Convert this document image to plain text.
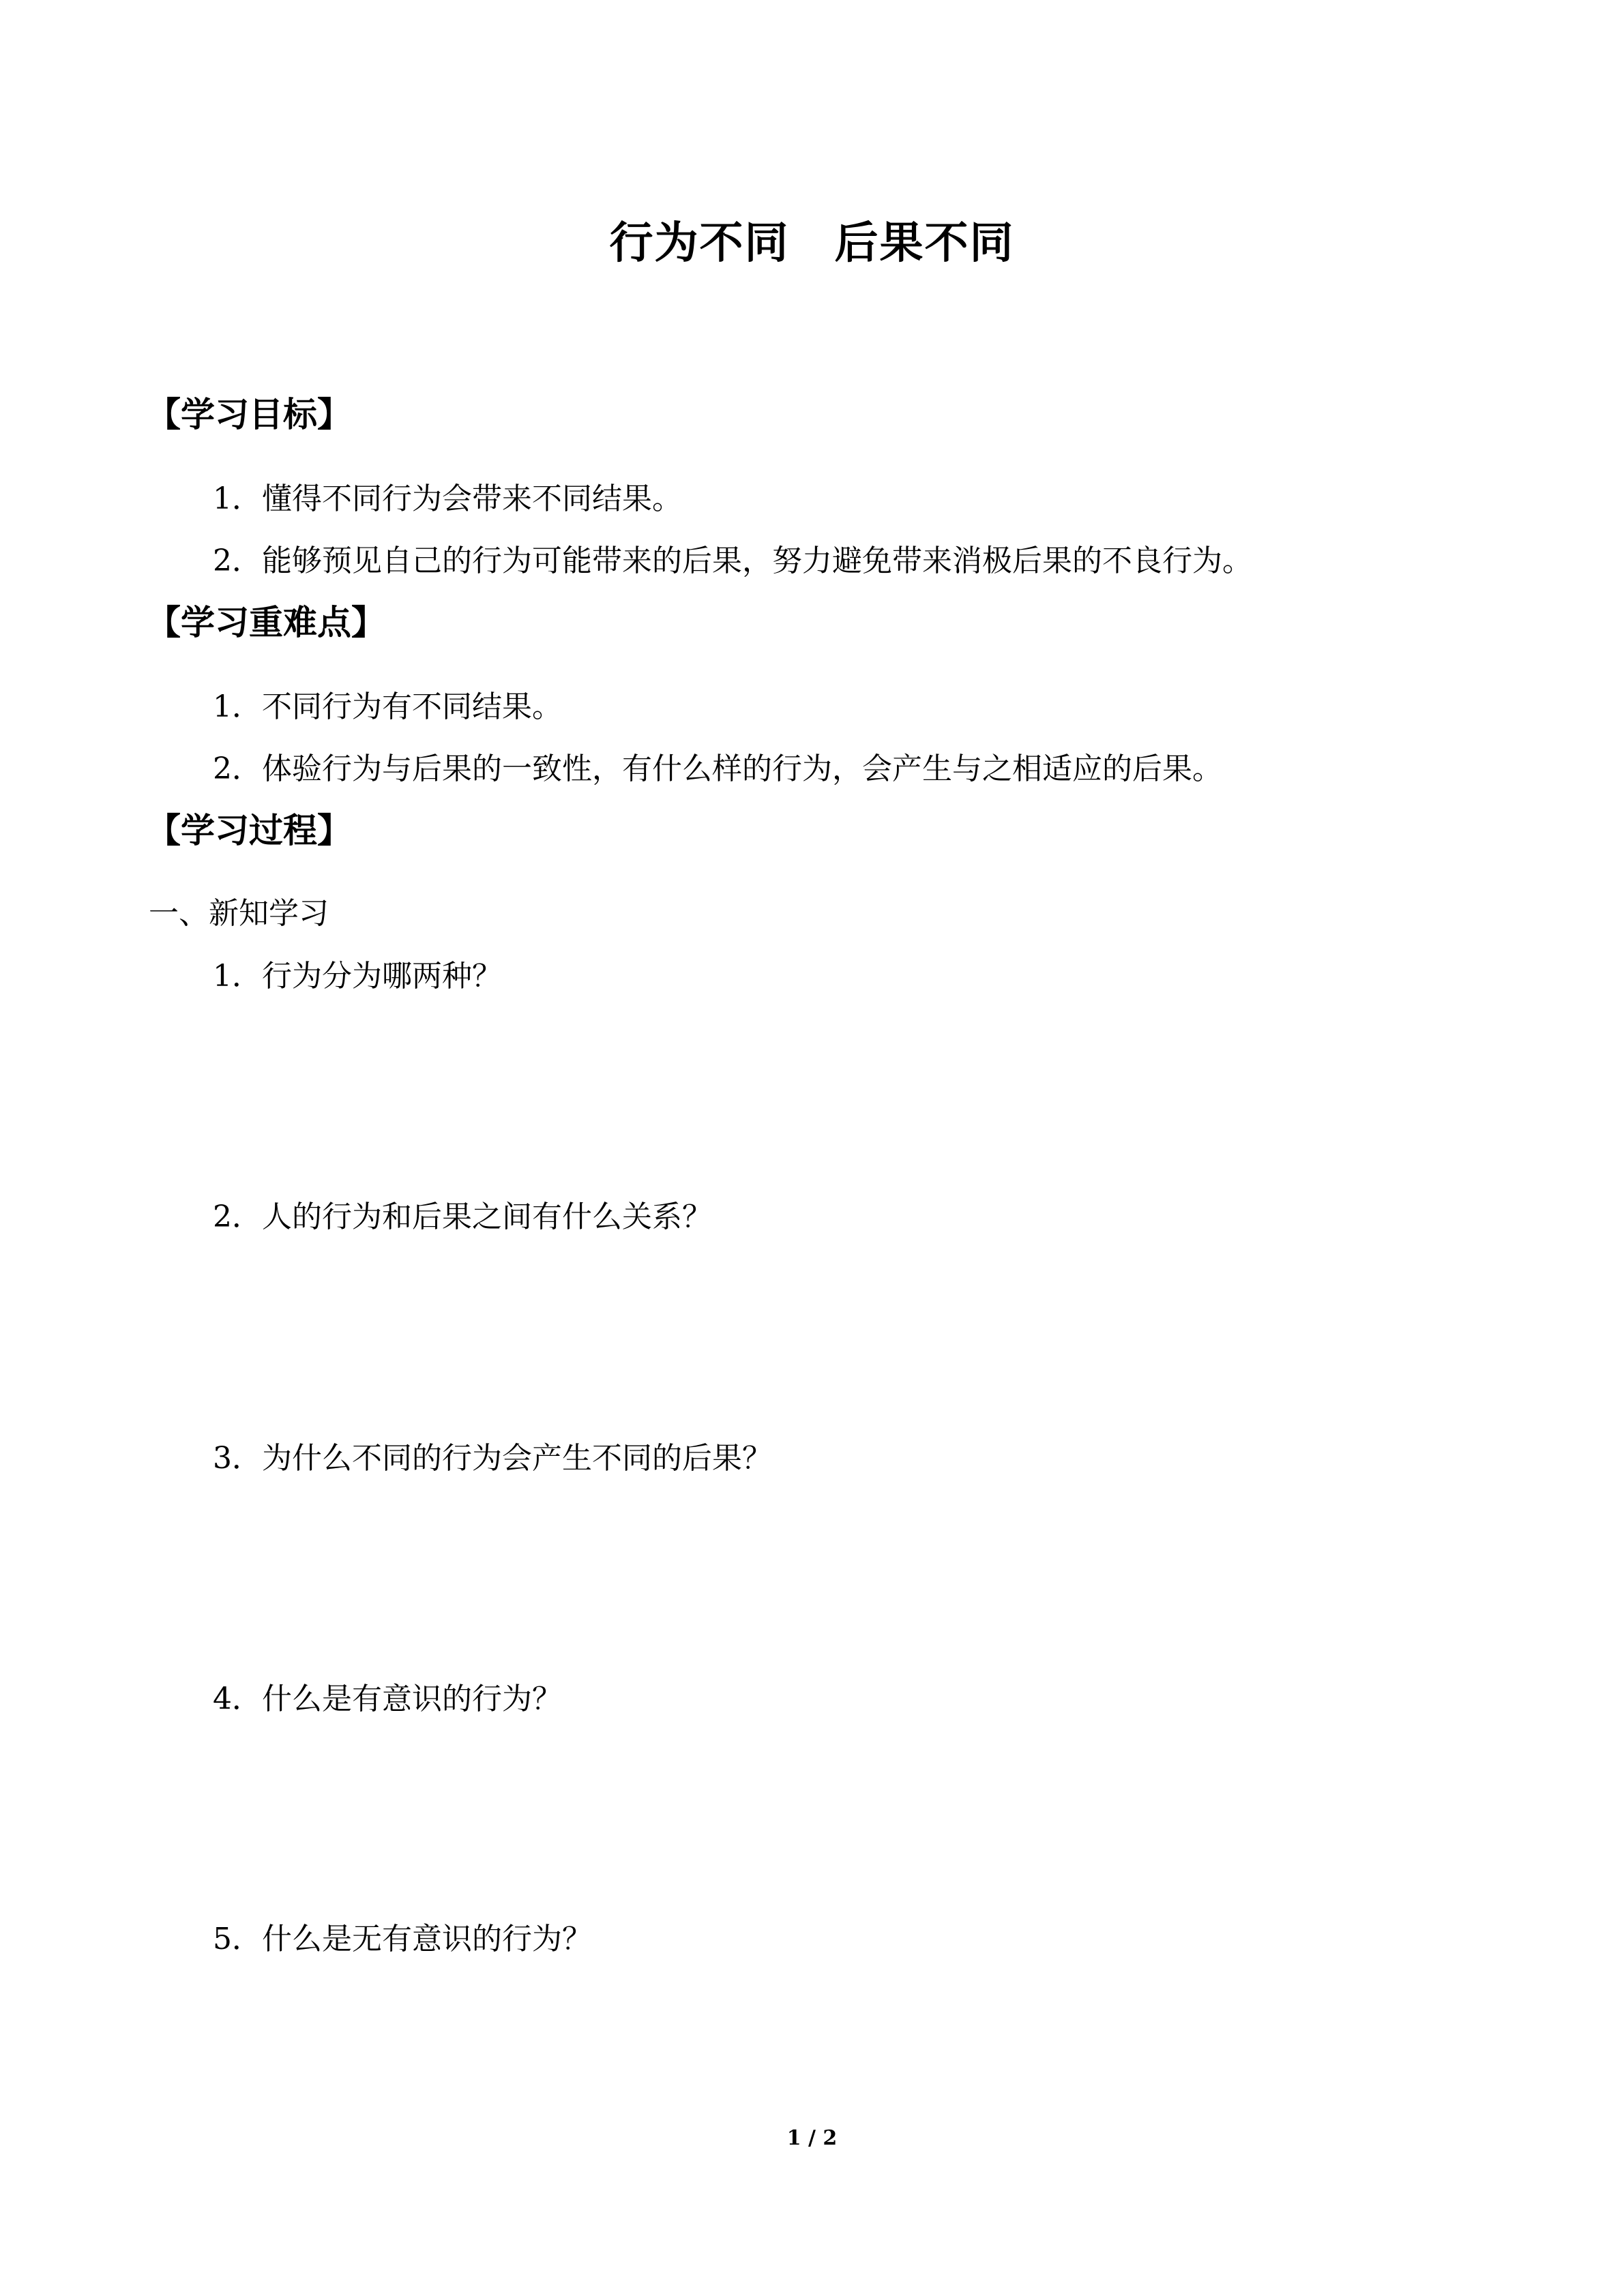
行为不同　后果不同
【学习目标】
1．懂得不同行为会带来不同结果。
2．能够预见自己的行为可能带来的后果，努力避免带来消极后果的不良行为。
【学习重难点】
1．不同行为有不同结果。
2．体验行为与后果的一致性，有什么样的行为，会产生与之相适应的后果。
【学习过程】
一、新知学习
1．行为分为哪两种？
2．人的行为和后果之间有什么关系？
3．为什么不同的行为会产生不同的后果？
4．什么是有意识的行为？
5．什么是无有意识的行为？
1 / 2
